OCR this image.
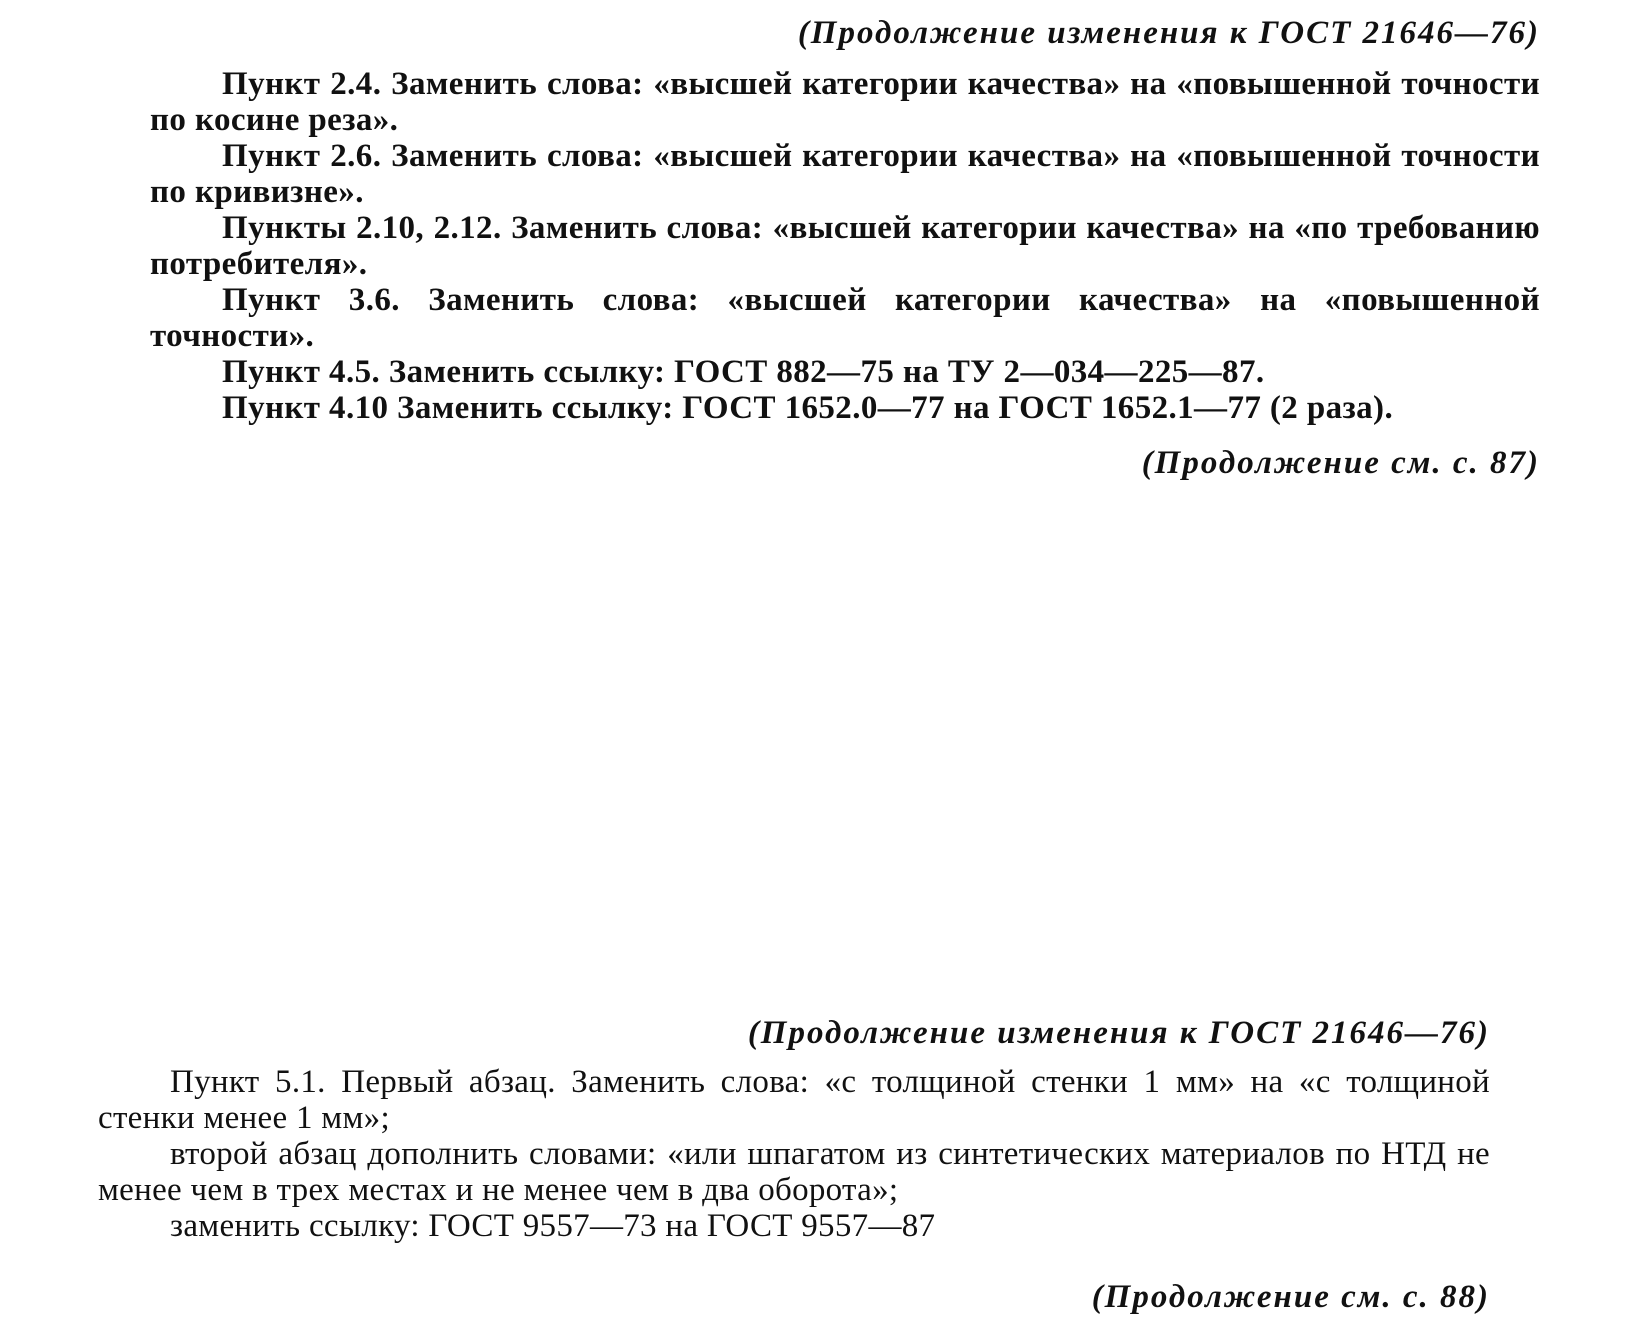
(Продолжение изменения к ГОСТ 21646—76)

Пункт 2.4. Заменить слова: «высшей категории качества» на «повышенной точности по косине реза».

Пункт 2.6. Заменить слова: «высшей категории качества» на «повышенной точности по кривизне».

Пункты 2.10, 2.12. Заменить слова: «высшей категории качества» на «по требованию потребителя».

Пункт 3.6. Заменить слова: «высшей категории качества» на «повышенной точности».

Пункт 4.5. Заменить ссылку: ГОСТ 882—75 на ТУ 2—034—225—87.

Пункт 4.10 Заменить ссылку: ГОСТ 1652.0—77 на ГОСТ 1652.1—77 (2 раза).

(Продолжение см. с. 87)
(Продолжение изменения к ГОСТ 21646—76)

Пункт 5.1. Первый абзац. Заменить слова: «с толщиной стенки 1 мм» на «с толщиной стенки менее 1 мм»;

второй абзац дополнить словами: «или шпагатом из синтетических материалов по НТД не менее чем в трех местах и не менее чем в два оборота»;

заменить ссылку: ГОСТ 9557—73 на ГОСТ 9557—87

(Продолжение см. с. 88)
